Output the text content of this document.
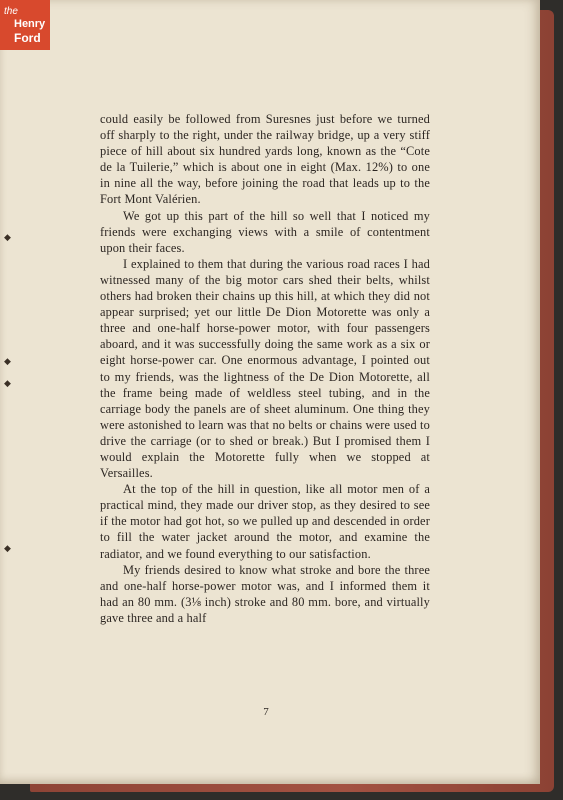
◆
◆
◆
◆

could easily be followed from Suresnes just before we turned off sharply to the right, under the railway bridge, up a very stiff piece of hill about six hundred yards long, known as the “Cote de la Tuilerie,” which is about one in eight (Max. 12%) to one in nine all the way, before joining the road that leads up to the Fort Mont Valérien.

We got up this part of the hill so well that I noticed my friends were exchanging views with a smile of contentment upon their faces.

I explained to them that during the various road races I had witnessed many of the big motor cars shed their belts, whilst others had broken their chains up this hill, at which they did not appear surprised; yet our little De Dion Motorette was only a three and one-half horse-power motor, with four passengers aboard, and it was successfully doing the same work as a six or eight horse-power car. One enormous advantage, I pointed out to my friends, was the lightness of the De Dion Motorette, all the frame being made of weldless steel tubing, and in the carriage body the panels are of sheet aluminum. One thing they were astonished to learn was that no belts or chains were used to drive the carriage (or to shed or break.) But I promised them I would explain the Motorette fully when we stopped at Versailles.

At the top of the hill in question, like all motor men of a practical mind, they made our driver stop, as they desired to see if the motor had got hot, so we pulled up and descended in order to fill the water jacket around the motor, and examine the radiator, and we found everything to our satisfaction.

My friends desired to know what stroke and bore the three and one-half horse-power motor was, and I informed them it had an 80 mm. (3⅛ inch) stroke and 80 mm. bore, and virtually gave three and a half

7
the
Henry
Ford
